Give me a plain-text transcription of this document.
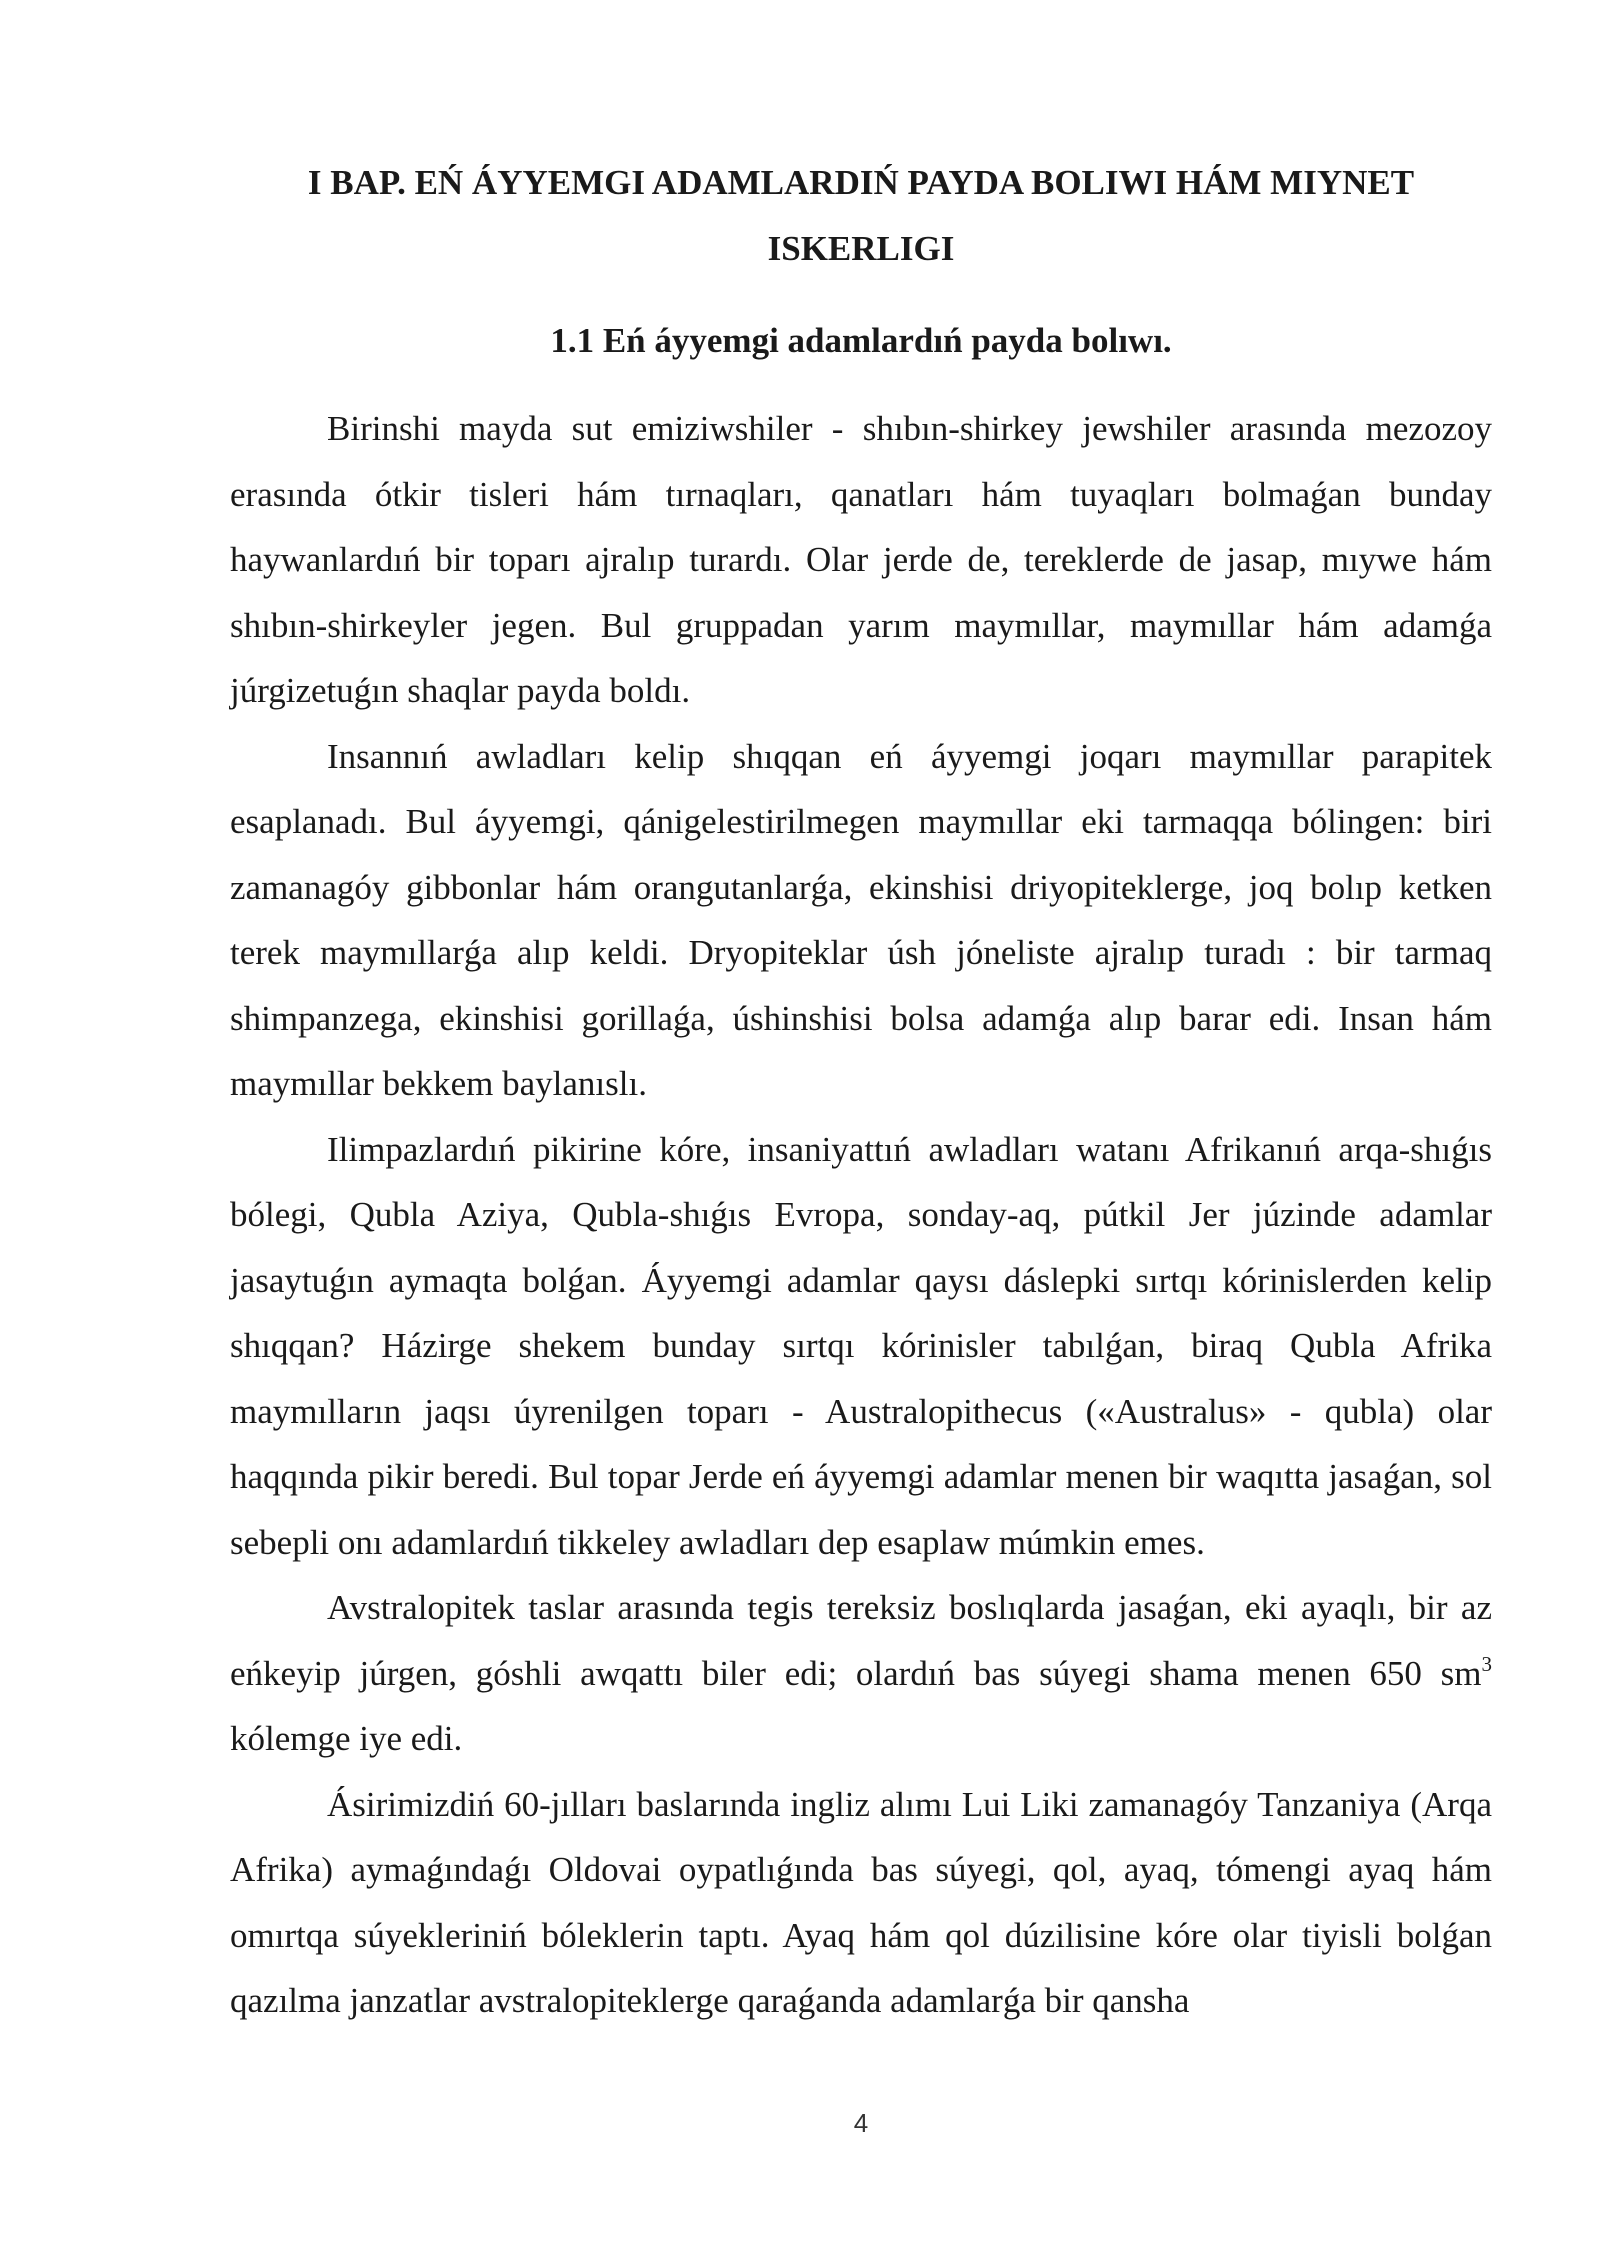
I BAP. EŃ ÁYYEMGI ADAMLARDIŃ PAYDA BOLIWI HÁM MIYNET
ISKERLIGI
1.1 Eń áyyemgi adamlardıń payda bolıwı.

Birinshi mayda sut emiziwshiler - shıbın-shirkey jewshiler arasında mezozoy erasında ótkir tisleri hám tırnaqları, qanatları hám tuyaqları bolmaǵan bunday haywanlardıń bir toparı ajralıp turardı. Olar jerde de, tereklerde de jasap, mıywe hám shıbın-shirkeyler jegen. Bul gruppadan yarım maymıllar, maymıllar hám adamǵa júrgizetuǵın shaqlar payda boldı.

Insannıń awladları kelip shıqqan eń áyyemgi joqarı maymıllar parapitek esaplanadı. Bul áyyemgi, qánigelestirilmegen maymıllar eki tarmaqqa bólingen: biri zamanagóy gibbonlar hám orangutanlarǵa, ekinshisi driyopiteklerge, joq bolıp ketken terek maymıllarǵa alıp keldi. Dryopiteklar úsh jóneliste ajralıp turadı : bir tarmaq shimpanzega, ekinshisi gorillaǵa, úshinshisi bolsa adamǵa alıp barar edi. Insan hám maymıllar bekkem baylanıslı.

Ilimpazlardıń pikirine kóre, insaniyattıń awladları watanı Afrikanıń arqa-shıǵıs bólegi, Qubla Aziya, Qubla-shıǵıs Evropa, sonday-aq, pútkil Jer júzinde adamlar jasaytuǵın aymaqta bolǵan. Áyyemgi adamlar qaysı dáslepki sırtqı kórinislerden kelip shıqqan? Házirge shekem bunday sırtqı kórinisler tabılǵan, biraq Qubla Afrika maymılların jaqsı úyrenilgen toparı - Australopithecus («Australus» - qubla) olar haqqında pikir beredi. Bul topar Jerde eń áyyemgi adamlar menen bir waqıtta jasaǵan, sol sebepli onı adamlardıń tikkeley awladları dep esaplaw múmkin emes.

Avstralopitek taslar arasında tegis tereksiz boslıqlarda jasaǵan, eki ayaqlı, bir az eńkeyip júrgen, góshli awqattı biler edi; olardıń bas súyegi shama menen 650 $sm^3$ kólemge iye edi.

Ásirimizdiń 60-jılları baslarında ingliz alımı Lui Liki zamanagóy Tanzaniya (Arqa Afrika) aymaǵındaǵı Oldovai oypatlıǵında bas súyegi, qol, ayaq, tómengi ayaq hám omırtqa súyekleriniń bóleklerin taptı. Ayaq hám qol dúzilisine kóre olar tiyisli bolǵan qazılma janzatlar avstralopiteklerge qaraǵanda adamlarǵa bir qansha

4
